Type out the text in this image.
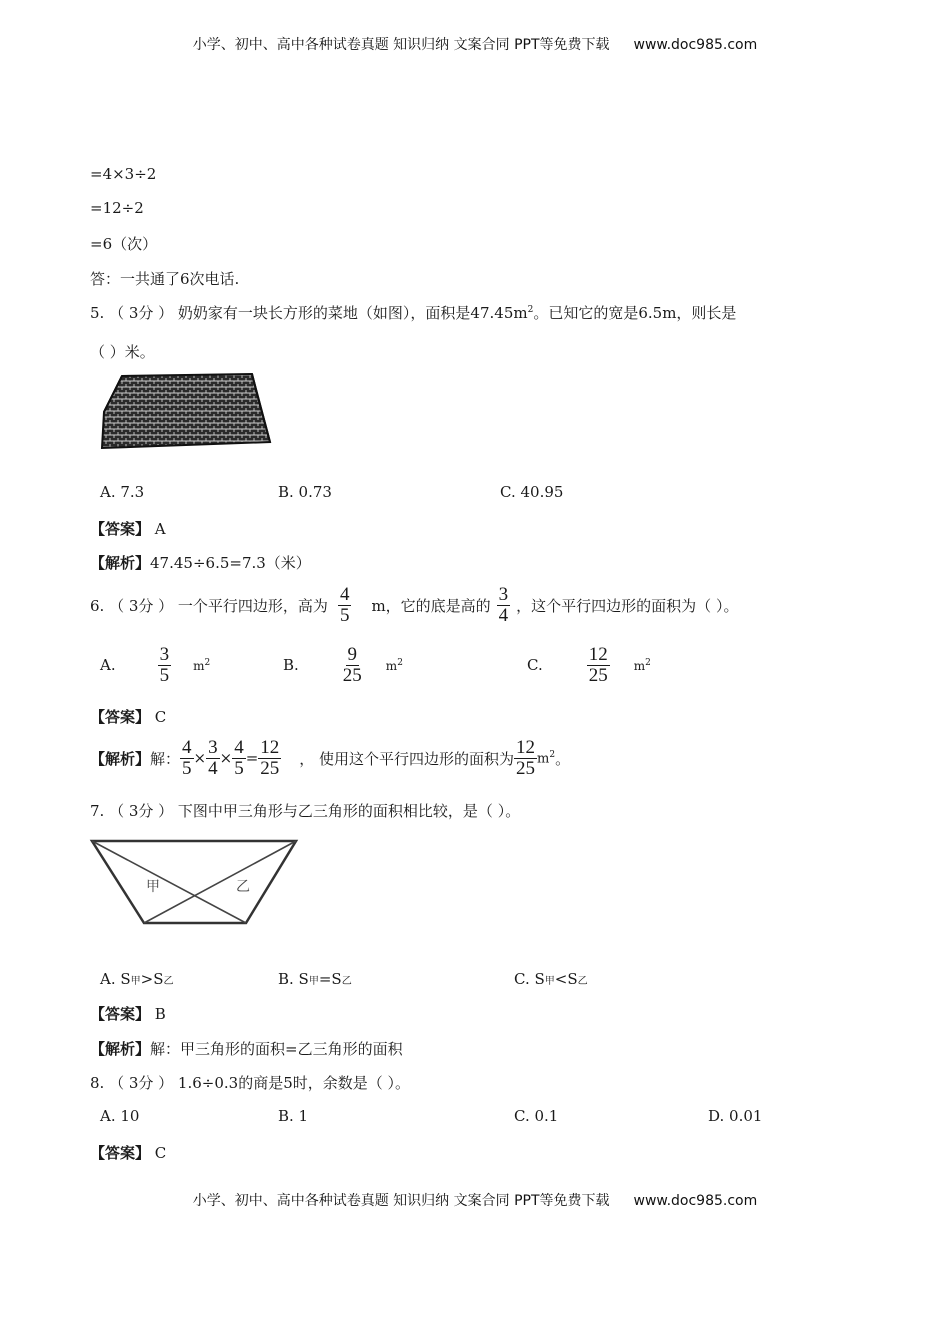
小学、初中、高中各种试卷真题 知识归纳 文案合同 PPT等免费下载 www.doc985.com
=4×3÷2
=12÷2
=6（次）
答：一共通了6次电话.
5. （ 3分 ） 奶奶家有一块长方形的菜地（如图），面积是$47.45m^2$。已知它的宽是6.5m，则长是
（ ）米。
A. 7.3	B. 0.73	C. 40.95
【答案】 A
【解析】47.45÷6.5=7.3（米）
6. （ 3分 ） 一个平行四边形，高为 $\frac{4}{5}$ m，它的底是高的 $\frac{3}{4}$ ，这个平行四边形的面积为（ ）。
A. $\frac{3}{5} m^2$	B. $\frac{9}{25} m^2$	C. $\frac{12}{25} m^2$
【答案】 C
【解析】 解： $\frac{4}{5} \times \frac{3}{4} \times \frac{4}{5} = \frac{12}{25}$ ， 使用这个平行四边形的面积为 $\frac{12}{25} m^2$ 。
7. （ 3分 ） 下图中甲三角形与乙三角形的面积相比较，是（ ）。
甲	乙
A. S甲>S乙	B. S甲=S乙	C. S甲<S乙
【答案】 B
【解析】解：甲三角形的面积=乙三角形的面积
8. （ 3分 ） 1.6÷0.3的商是5时，余数是（ ）。
A. 10	B. 1	C. 0.1	D. 0.01
【答案】 C
小学、初中、高中各种试卷真题 知识归纳 文案合同 PPT等免费下载 www.doc985.com
